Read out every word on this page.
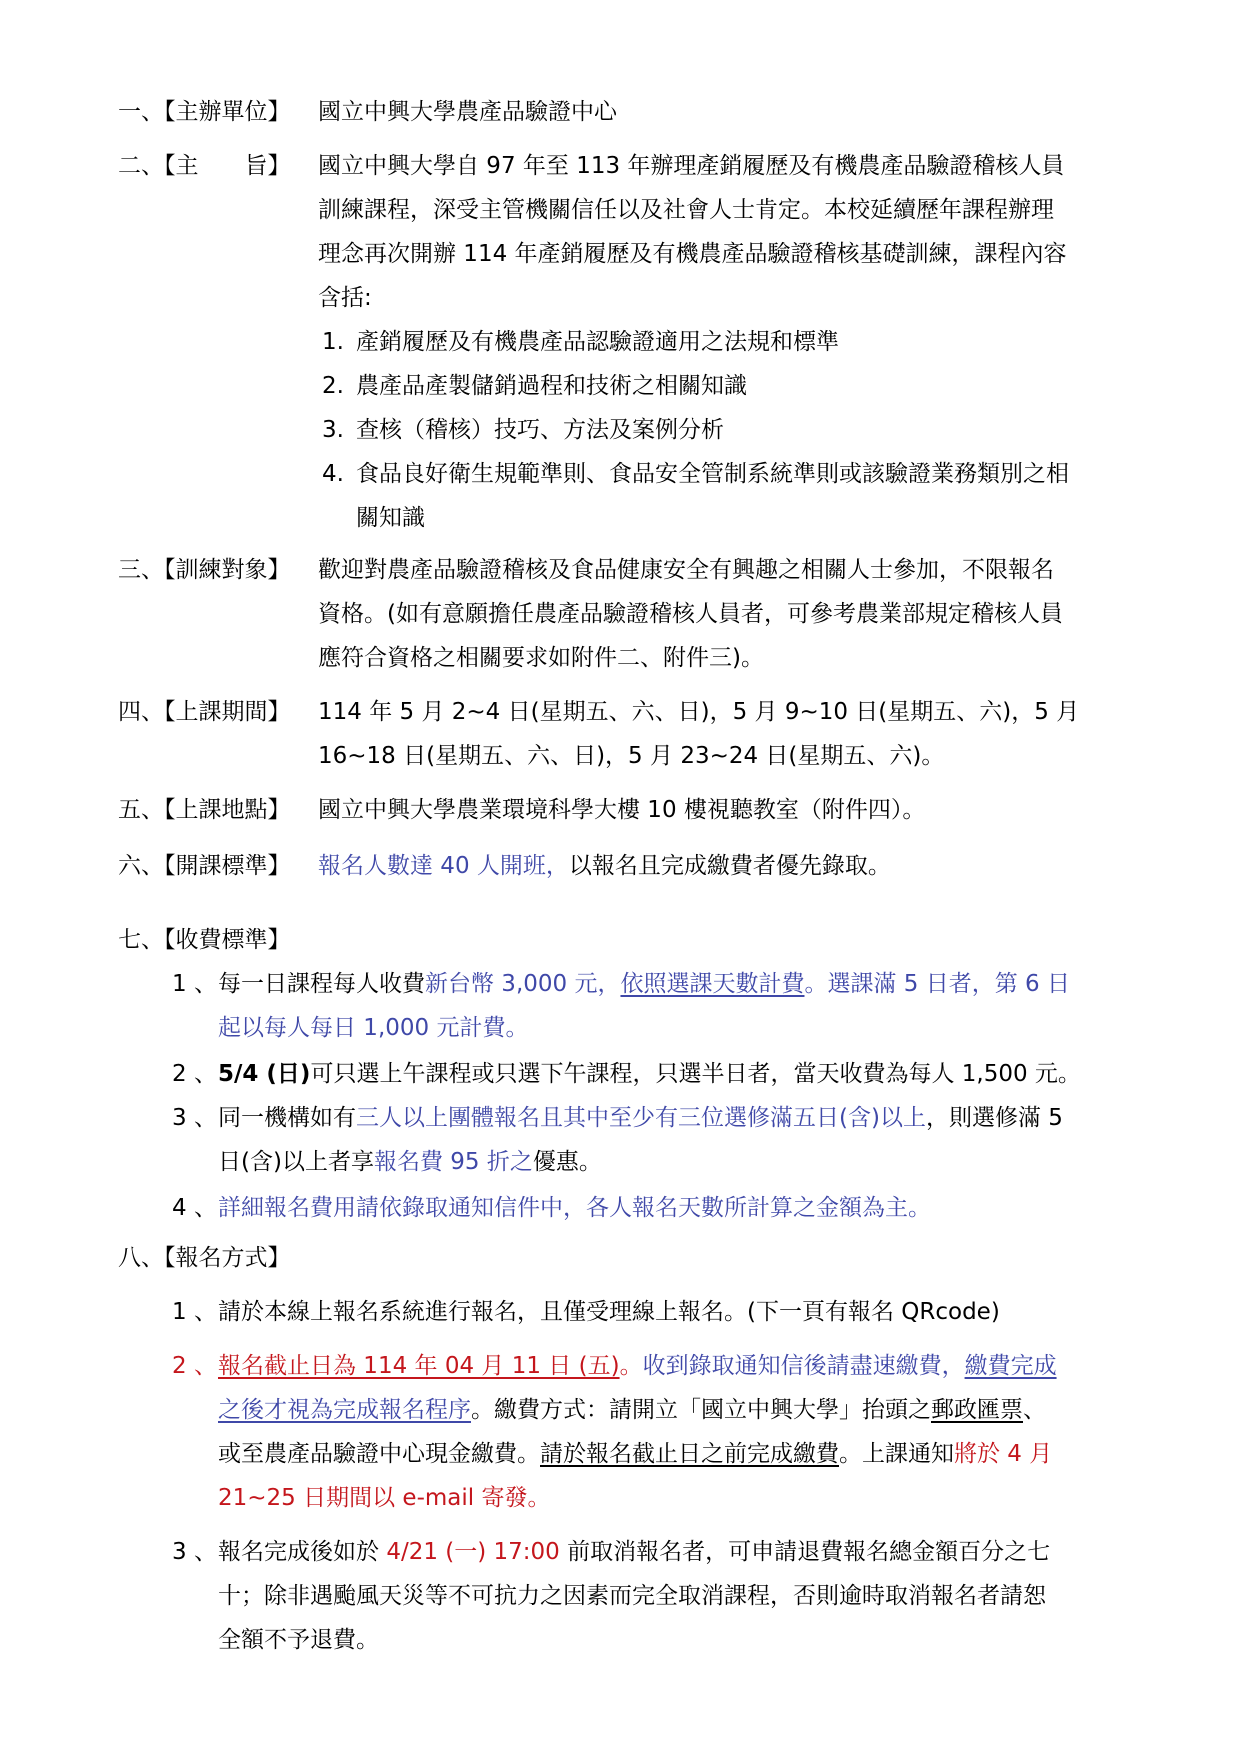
一、【主辦單位】 國立中興大學農產品驗證中心
二、【主　　旨】 國立中興大學自 97 年至 113 年辦理產銷履歷及有機農產品驗證稽核人員
訓練課程，深受主管機關信任以及社會人士肯定。本校延續歷年課程辦理
理念再次開辦 114 年產銷履歷及有機農產品驗證稽核基礎訓練，課程內容
含括:
1. 產銷履歷及有機農產品認驗證適用之法規和標準
2. 農產品產製儲銷過程和技術之相關知識
3. 查核（稽核）技巧、方法及案例分析
4. 食品良好衛生規範準則、食品安全管制系統準則或該驗證業務類別之相
關知識
三、【訓練對象】 歡迎對農產品驗證稽核及食品健康安全有興趣之相關人士參加，不限報名
資格。(如有意願擔任農產品驗證稽核人員者，可參考農業部規定稽核人員
應符合資格之相關要求如附件二、附件三)。
四、【上課期間】 114 年 5 月 2~4 日(星期五、六、日)，5 月 9~10 日(星期五、六)，5 月
16~18 日(星期五、六、日)，5 月 23~24 日(星期五、六)。
五、【上課地點】 國立中興大學農業環境科學大樓 10 樓視聽教室（附件四）。
六、【開課標準】 報名人數達 40 人開班，以報名且完成繳費者優先錄取。
七、【收費標準】
1 、 每一日課程每人收費新台幣 3,000 元，依照選課天數計費。選課滿 5 日者，第 6 日
起以每人每日 1,000 元計費。
2 、 5/4 (日)可只選上午課程或只選下午課程，只選半日者，當天收費為每人 1,500 元。
3 、 同一機構如有三人以上團體報名且其中至少有三位選修滿五日(含)以上，則選修滿 5
日(含)以上者享報名費 95 折之優惠。
4 、 詳細報名費用請依錄取通知信件中，各人報名天數所計算之金額為主。
八、【報名方式】
1 、 請於本線上報名系統進行報名，且僅受理線上報名。(下一頁有報名 QRcode)
2 、 報名截止日為 114 年 04 月 11 日 (五)。收到錄取通知信後請盡速繳費，繳費完成
之後才視為完成報名程序。繳費方式：請開立「國立中興大學」抬頭之郵政匯票、
或至農產品驗證中心現金繳費。請於報名截止日之前完成繳費。上課通知將於 4 月
21~25 日期間以 e-mail 寄發。
3 、 報名完成後如於 4/21 (一) 17:00 前取消報名者，可申請退費報名總金額百分之七
十；除非遇颱風天災等不可抗力之因素而完全取消課程，否則逾時取消報名者請恕
全額不予退費。
